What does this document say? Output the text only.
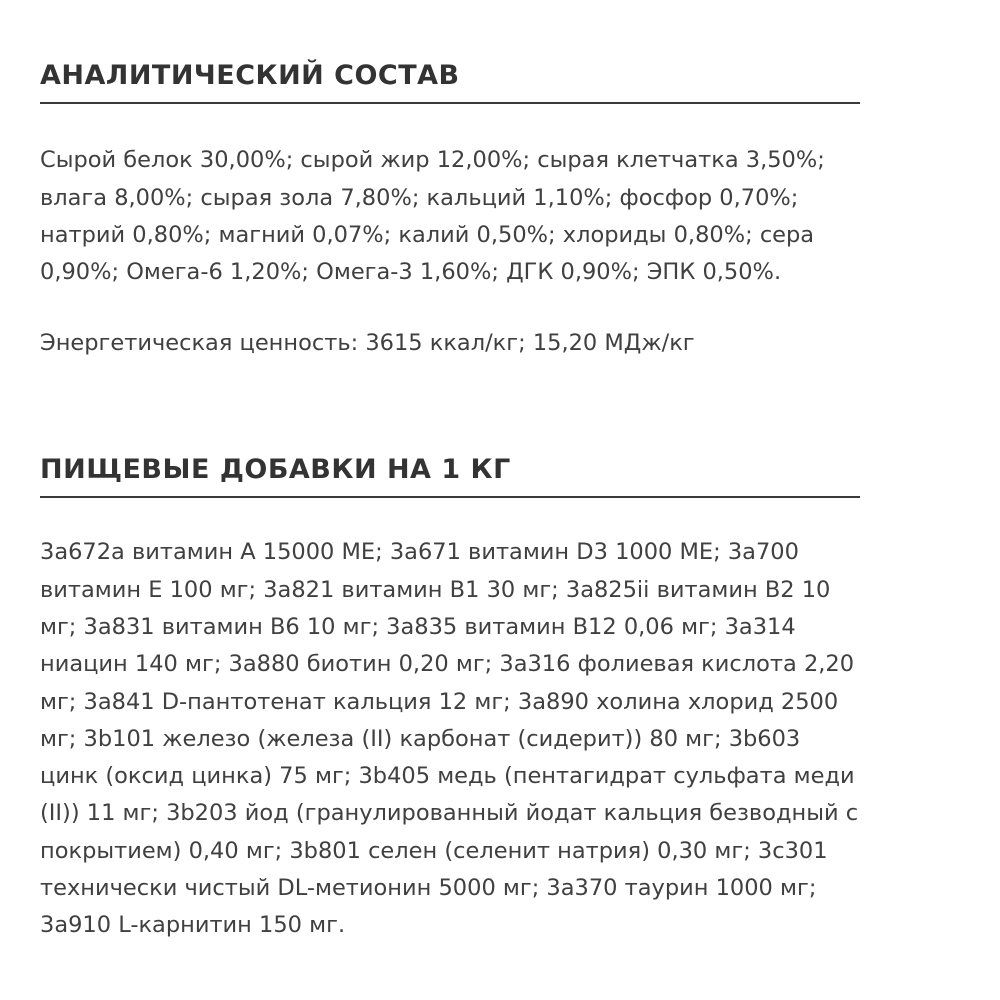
АНАЛИТИЧЕСКИЙ СОСТАВ

Сырой белок 30,00%; сырой жир 12,00%; сырая клетчатка 3,50%; влага 8,00%; сырая зола 7,80%; кальций 1,10%; фосфор 0,70%; натрий 0,80%; магний 0,07%; калий 0,50%; хлориды 0,80%; сера 0,90%; Омега-6 1,20%; Омега-3 1,60%; ДГК 0,90%; ЭПК 0,50%.

Энергетическая ценность: 3615 ккал/кг; 15,20 МДж/кг

ПИЩЕВЫЕ ДОБАВКИ НА 1 КГ

3a672a витамин А 15000 МЕ; 3a671 витамин D3 1000 МЕ; 3a700 витамин Е 100 мг; 3a821 витамин В1 30 мг; 3a825ii витамин В2 10 мг; 3a831 витамин В6 10 мг; 3a835 витамин В12 0,06 мг; 3a314 ниацин 140 мг; 3a880 биотин 0,20 мг; 3a316 фолиевая кислота 2,20 мг; 3a841 D-пантотенат кальция 12 мг; 3a890 холина хлорид 2500 мг; 3b101 железо (железа (II) карбонат (сидерит)) 80 мг; 3b603 цинк (оксид цинка) 75 мг; 3b405 медь (пентагидрат сульфата меди (II)) 11 мг; 3b203 йод (гранулированный йодат кальция безводный с покрытием) 0,40 мг; 3b801 селен (селенит натрия) 0,30 мг; 3c301 технически чистый DL-метионин 5000 мг; 3a370 таурин 1000 мг; 3a910 L-карнитин 150 мг.
